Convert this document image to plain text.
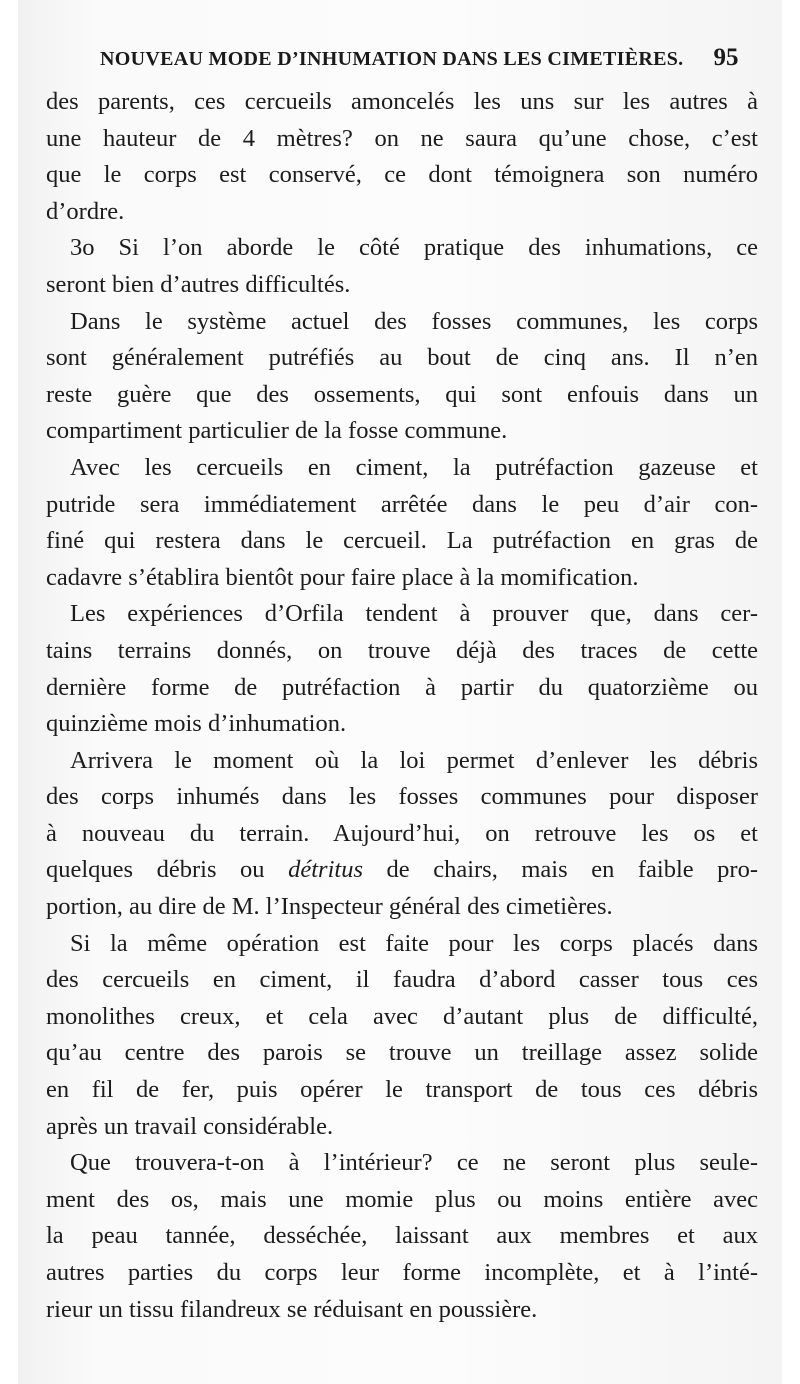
NOUVEAU MODE D’INHUMATION DANS LES CIMETIÈRES. 95

des parents, ces cercueils amoncelés les uns sur les autres à
une hauteur de 4 mètres? on ne saura qu’une chose, c’est
que le corps est conservé, ce dont témoignera son numéro
d’ordre.

3o Si l’on aborde le côté pratique des inhumations, ce
seront bien d’autres difficultés.

Dans le système actuel des fosses communes, les corps
sont généralement putréfiés au bout de cinq ans. Il n’en
reste guère que des ossements, qui sont enfouis dans un
compartiment particulier de la fosse commune.

Avec les cercueils en ciment, la putréfaction gazeuse et
putride sera immédiatement arrêtée dans le peu d’air con-
finé qui restera dans le cercueil. La putréfaction en gras de
cadavre s’établira bientôt pour faire place à la momification.

Les expériences d’Orfila tendent à prouver que, dans cer-
tains terrains donnés, on trouve déjà des traces de cette
dernière forme de putréfaction à partir du quatorzième ou
quinzième mois d’inhumation.

Arrivera le moment où la loi permet d’enlever les débris
des corps inhumés dans les fosses communes pour disposer
à nouveau du terrain. Aujourd’hui, on retrouve les os et
quelques débris ou détritus de chairs, mais en faible pro-
portion, au dire de M. l’Inspecteur général des cimetières.

Si la même opération est faite pour les corps placés dans
des cercueils en ciment, il faudra d’abord casser tous ces
monolithes creux, et cela avec d’autant plus de difficulté,
qu’au centre des parois se trouve un treillage assez solide
en fil de fer, puis opérer le transport de tous ces débris
après un travail considérable.

Que trouvera-t-on à l’intérieur? ce ne seront plus seule-
ment des os, mais une momie plus ou moins entière avec
la peau tannée, desséchée, laissant aux membres et aux
autres parties du corps leur forme incomplète, et à l’inté-
rieur un tissu filandreux se réduisant en poussière.
